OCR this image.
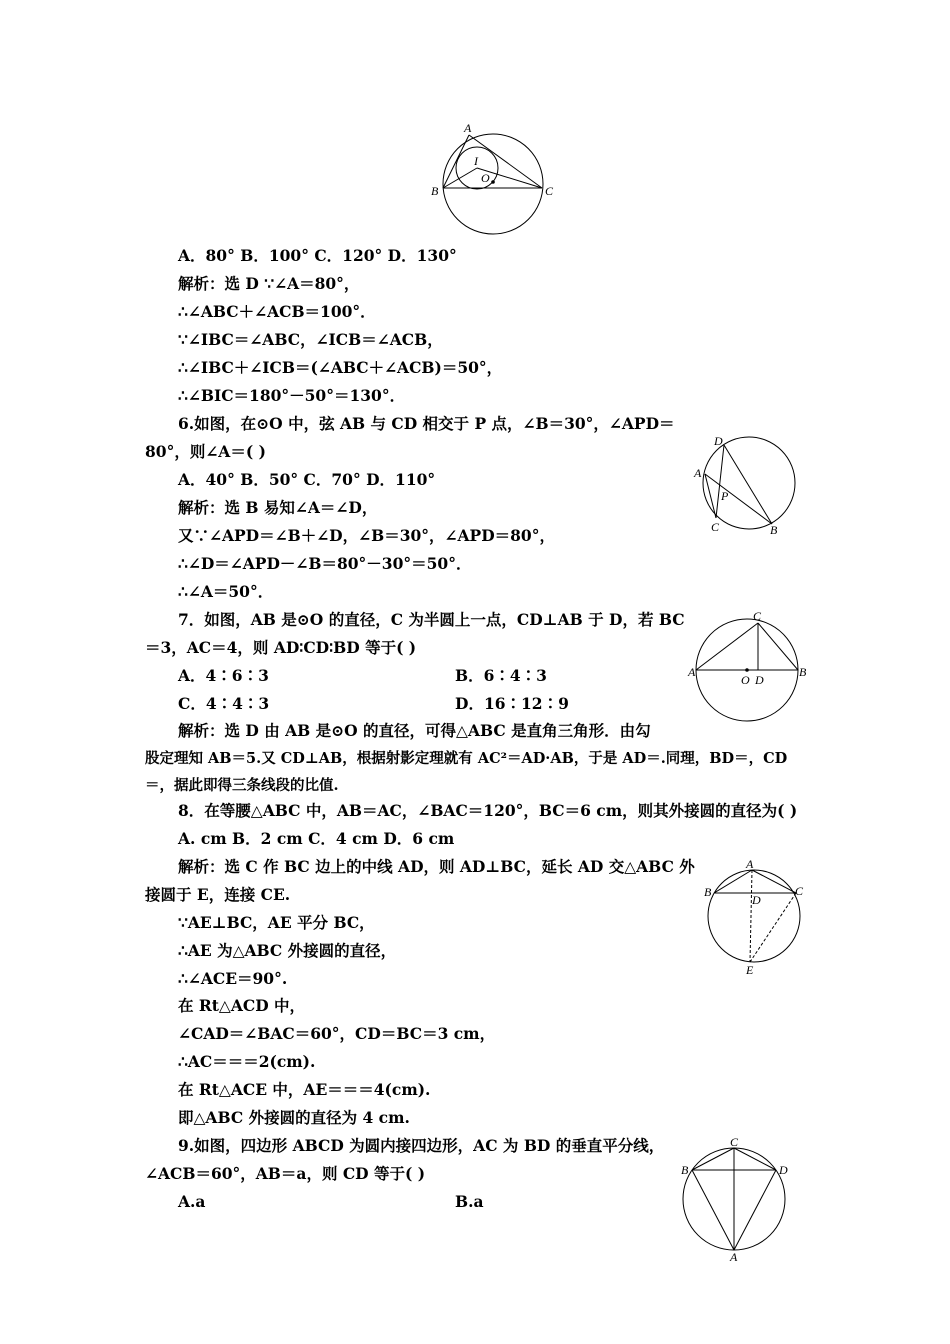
A
B	C
I
O
D
A
P
C	B
C
A	B
O D
A
B	C
D
E
C
B	D
A
A．80° B．100° C．120° D．130°
解析：选 D ∵∠A＝80°，
∴∠ABC＋∠ACB＝100°．
∵∠IBC＝∠ABC，∠ICB＝∠ACB，
∴∠IBC＋∠ICB＝(∠ABC＋∠ACB)＝50°，
∴∠BIC＝180°－50°＝130°．
6.如图，在⊙O 中，弦 AB 与 CD 相交于 P 点，∠B＝30°，∠APD＝
80°，则∠A＝( )
A．40° B．50° C．70° D．110°
解析：选 B 易知∠A＝∠D，
又∵∠APD＝∠B＋∠D，∠B＝30°，∠APD＝80°，
∴∠D＝∠APD－∠B＝80°－30°＝50°．
∴∠A＝50°．
7．如图，AB 是⊙O 的直径，C 为半圆上一点，CD⊥AB 于 D，若 BC
＝3，AC＝4，则 AD∶CD∶BD 等于( )
A．4∶6∶3	B．6∶4∶3
C．4∶4∶3	D．16∶12∶9
解析：选 D 由 AB 是⊙O 的直径，可得△ABC 是直角三角形．由勾
股定理知 AB＝5.又 CD⊥AB，根据射影定理就有 AC²＝AD·AB，于是 AD＝.同理，BD＝，CD
＝，据此即得三条线段的比值.
8．在等腰△ABC 中，AB＝AC，∠BAC＝120°，BC＝6 cm，则其外接圆的直径为( )
A. cm B．2 cm C．4 cm D．6 cm
解析：选 C 作 BC 边上的中线 AD，则 AD⊥BC，延长 AD 交△ABC 外
接圆于 E，连接 CE.
∵AE⊥BC，AE 平分 BC，
∴AE 为△ABC 外接圆的直径，
∴∠ACE＝90°.
在 Rt△ACD 中，
∠CAD＝∠BAC＝60°，CD＝BC＝3 cm，
∴AC＝＝＝2(cm).
在 Rt△ACE 中，AE＝＝＝4(cm).
即△ABC 外接圆的直径为 4 cm.
9.如图，四边形 ABCD 为圆内接四边形，AC 为 BD 的垂直平分线，
∠ACB＝60°，AB＝a，则 CD 等于( )
A.a	B.a
